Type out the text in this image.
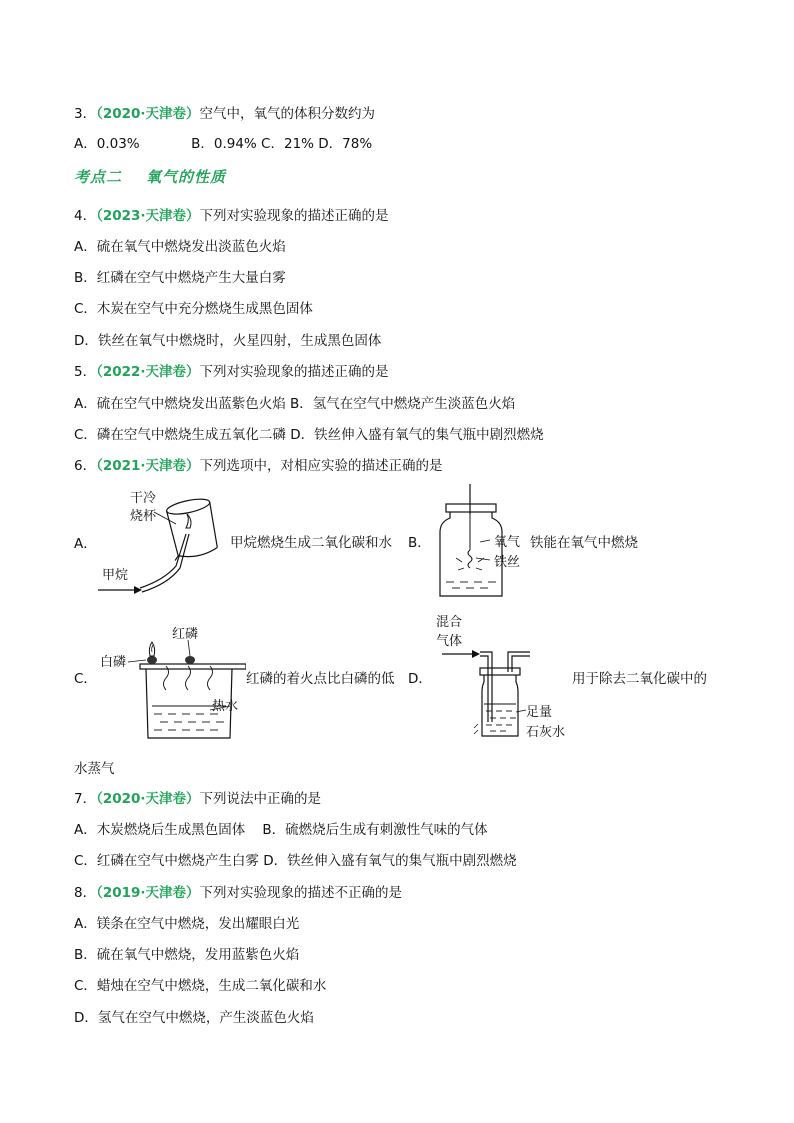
3．（2020·天津卷）空气中，氧气的体积分数约为
A．0.03%            B．0.94% C．21% D．78%
考点二 氧气的性质
4．（2023·天津卷）下列对实验现象的描述正确的是
A．硫在氧气中燃烧发出淡蓝色火焰
B．红磷在空气中燃烧产生大量白雾
C．木炭在空气中充分燃烧生成黑色固体
D．铁丝在氧气中燃烧时，火星四射，生成黑色固体
5．（2022·天津卷）下列对实验现象的描述正确的是
A．硫在空气中燃烧发出蓝紫色火焰 B．氢气在空气中燃烧产生淡蓝色火焰
C．磷在空气中燃烧生成五氧化二磷 D．铁丝伸入盛有氧气的集气瓶中剧烈燃烧
6．（2021·天津卷）下列选项中，对相应实验的描述正确的是
A．
干冷
烧杯
甲烷
甲烷燃烧生成二氧化碳和水 B．	氧气
铁丝
铁能在氧气中燃烧
C．
红磷
白磷
热水
红磷的着火点比白磷的低 D．
混合
气体
足量
石灰水
用于除去二氧化碳中的
水蒸气
7．（2020·天津卷）下列说法中正确的是
A．木炭燃烧后生成黑色固体    B．硫燃烧后生成有刺激性气味的气体
C．红磷在空气中燃烧产生白雾 D．铁丝伸入盛有氧气的集气瓶中剧烈燃烧
8．（2019·天津卷）下列对实验现象的描述不正确的是
A．镁条在空气中燃烧，发出耀眼白光
B．硫在氧气中燃烧，发用蓝紫色火焰
C．蜡烛在空气中燃烧，生成二氧化碳和水
D．氢气在空气中燃烧，产生淡蓝色火焰
